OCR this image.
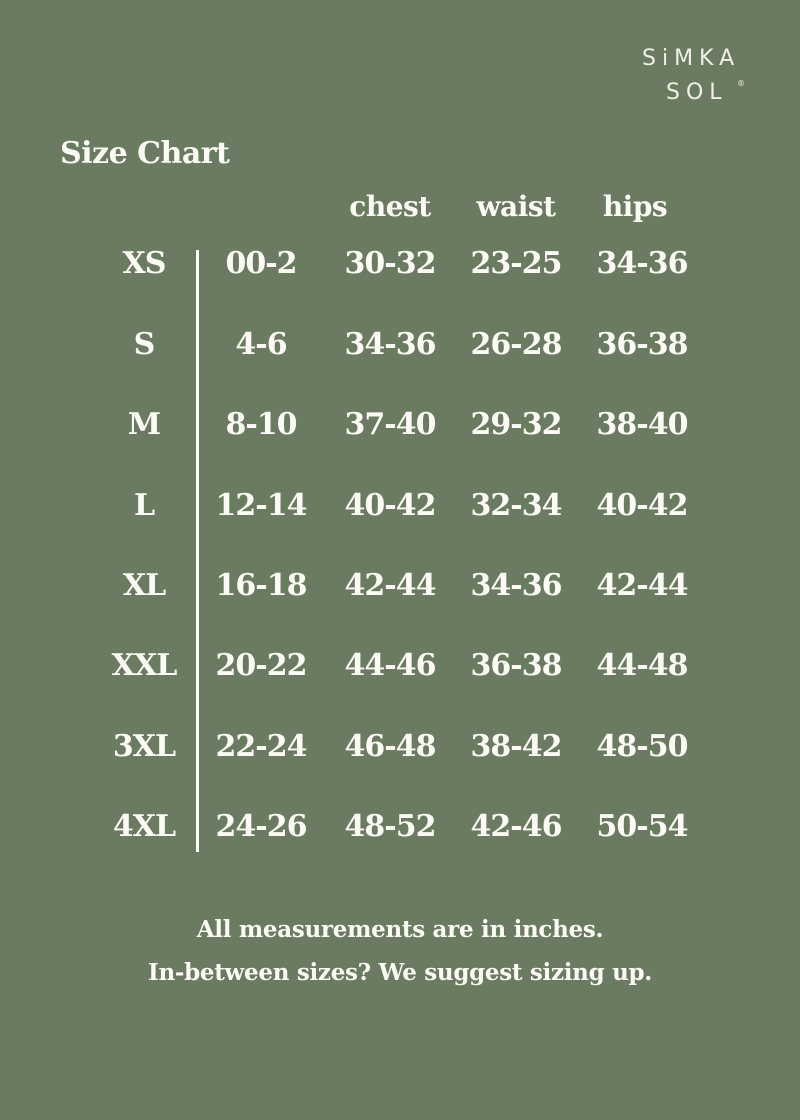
SiMKA
SOL ®
Size Chart
chest waist hips
XS 00-2 30-32 23-25 34-36
S	4-6 34-36 26-28 36-38
M 8-10 37-40 29-32 38-40
L 12-14 40-42 32-34 40-42
XL 16-18 42-44 34-36 42-44
XXL 20-22 44-46 36-38 44-48
3XL 22-24 46-48 38-42 48-50
4XL 24-26 48-52 42-46 50-54
All measurements are in inches.
In-between sizes? We suggest sizing up.
